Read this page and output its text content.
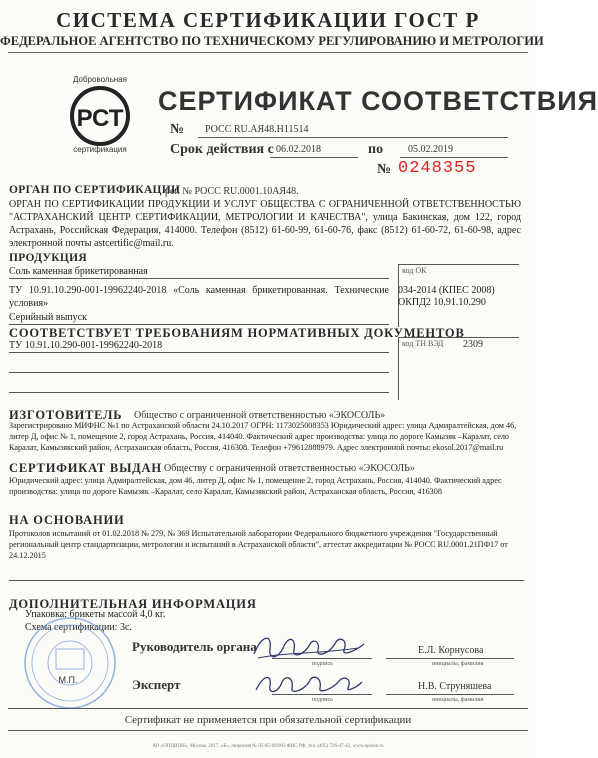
СИСТЕМА СЕРТИФИКАЦИИ ГОСТ Р
ФЕДЕРАЛЬНОЕ АГЕНТСТВО ПО ТЕХНИЧЕСКОМУ РЕГУЛИРОВАНИЮ И МЕТРОЛОГИИ
Добровольная
РСТ
сертификация
СЕРТИФИКАТ СООТВЕТСТВИЯ
№ РОСС RU.АЯ48.Н11514
Срок действия с 06.02.2018	по 05.02.2019
№ 0248355
ОРГАН ПО СЕРТИФИКАЦИИ
рег. № РОСС RU.0001.10АЯ48.
ОРГАН ПО СЕРТИФИКАЦИИ ПРОДУКЦИИ И УСЛУГ ОБЩЕСТВА С ОГРАНИЧЕННОЙ ОТВЕТСТВЕННОСТЬЮ "АСТРАХАНСКИЙ ЦЕНТР СЕРТИФИКАЦИИ, МЕТРОЛОГИИ И КАЧЕСТВА", улица Бакинская, дом 122, город Астрахань, Российская Федерация, 414000. Телефон (8512) 61-60-99, 61-60-76, факс (8512) 61-60-72, 61-60-98, адрес электронной почты astcertific@mail.ru.
ПРОДУКЦИЯ
Соль каменная брикетированная
ТУ 10.91.10.290-001-19962240-2018 «Соль каменная брикетированная. Технические условия»
Серийный выпуск
код ОК
034-2014 (КПЕС 2008)
ОКПД2 10.91.10.290
СООТВЕТСТВУЕТ ТРЕБОВАНИЯМ НОРМАТИВНЫХ ДОКУМЕНТОВ
ТУ 10.91.10.290-001-19962240-2018	код ТН ВЭД 2309
ИЗГОТОВИТЕЛЬ Общество с ограниченной ответственностью «ЭКОСОЛЬ»
Зарегистрировано МИФНС №1 по Астраханской области 24.10.2017 ОГРН: 1173025008353 Юридический адрес: улица Адмиралтейская, дом 46, литер Д, офис № 1, помещение 2, город Астрахань, Россия, 414040. Фактический адрес производства: улица по дороге Камызяк –Каралат, село Каралат, Камызякский район, Астраханская область, Россия, 416308. Телефон +79612888979. Адрес электронной почты: ekosol.2017@mail.ru
СЕРТИФИКАТ ВЫДАН Обществу с ограниченной ответственностью «ЭКОСОЛЬ»
Юридический адрес: улица Адмиралтейская, дом 46, литер Д, офис № 1, помещение 2, город Астрахань, Россия, 414040. Фактический адрес производства: улица по дороге Камызяк –Каралат, село Каралат, Камызякский район, Астраханская область, Россия, 416308
НА ОСНОВАНИИ
Протоколов испытаний от 01.02.2018 № 279, № 369 Испытательной лаборатории Федерального бюджетного учреждения "Государственный региональный центр стандартизации, метрологии и испытаний в Астраханской области", аттестат аккредитации № РОСС RU.0001.21ПФ17 от 24.12.2015
ДОПОЛНИТЕЛЬНАЯ ИНФОРМАЦИЯ
Упаковка: брикеты массой 4,0 кг.
Схема сертификации: 3с.
М.П.
Руководитель органа
подпись
Е.Л. Корнусова
инициалы, фамилия
Эксперт
подпись
Н.В. Струняшева
инициалы, фамилия
Сертификат не применяется при обязательной сертификации
АО «ОПЦИОН», Москва, 2017, «Б», лицензия № 05-05-09/003 ФНС РФ, тел. (495) 726-47-42, www.opcion.ru
